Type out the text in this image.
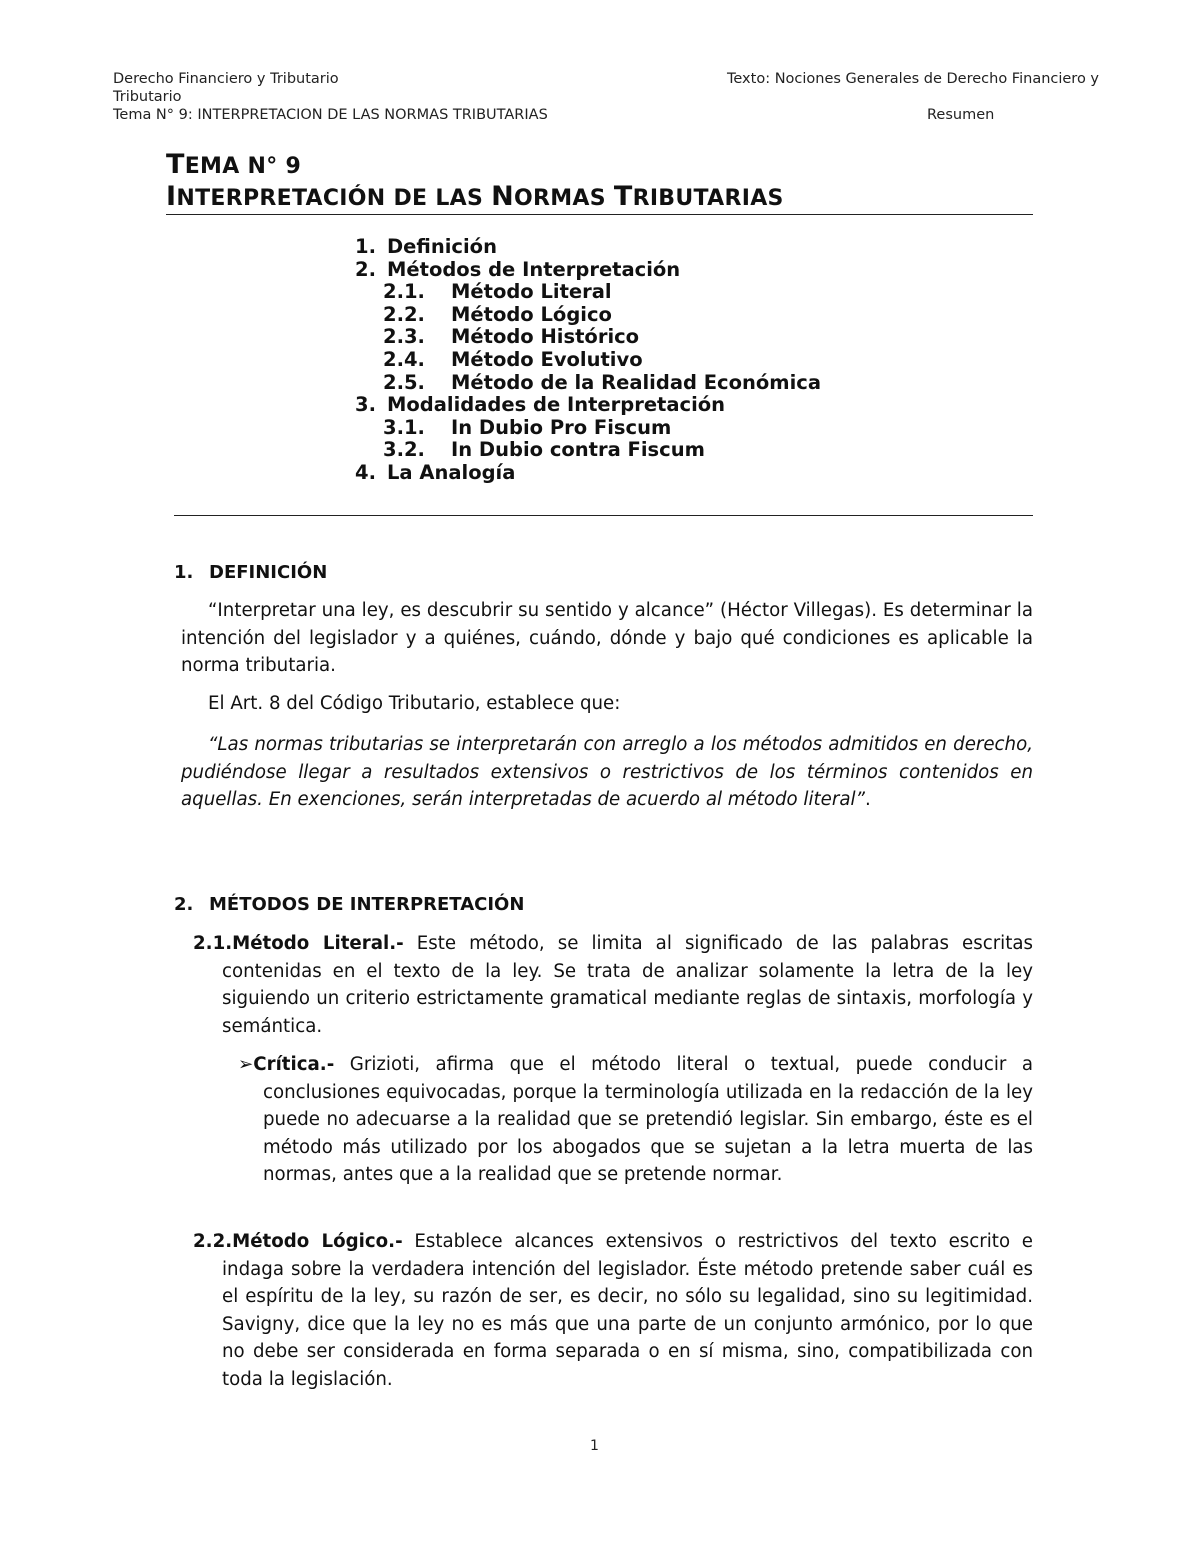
Derecho Financiero y Tributario	Texto: Nociones Generales de Derecho Financiero y
Tributario
Tema N° 9: INTERPRETACION DE LAS NORMAS TRIBUTARIAS	Resumen
TEMA N° 9
INTERPRETACIÓN DE LAS NORMAS TRIBUTARIAS
1. Definición
2. Métodos de Interpretación
2.1. Método Literal
2.2. Método Lógico
2.3. Método Histórico
2.4. Método Evolutivo
2.5. Método de la Realidad Económica
3. Modalidades de Interpretación
3.1. In Dubio Pro Fiscum
3.2. In Dubio contra Fiscum
4. La Analogía
1. DEFINICIÓN

“Interpretar una ley, es descubrir su sentido y alcance” (Héctor Villegas). Es determinar la intención del legislador y a quiénes, cuándo, dónde y bajo qué condiciones es aplicable la norma tributaria.

El Art. 8 del Código Tributario, establece que:

“Las normas tributarias se interpretarán con arreglo a los métodos admitidos en derecho, pudiéndose llegar a resultados extensivos o restrictivos de los términos contenidos en aquellas. En exenciones, serán interpretadas de acuerdo al método literal”.

2. MÉTODOS DE INTERPRETACIÓN

2.1.Método Literal.- Este método, se limita al significado de las palabras escritas contenidas en el texto de la ley. Se trata de analizar solamente la letra de la ley siguiendo un criterio estrictamente gramatical mediante reglas de sintaxis, morfología y semántica.

➢Crítica.- Grizioti, afirma que el método literal o textual, puede conducir a conclusiones equivocadas, porque la terminología utilizada en la redacción de la ley puede no adecuarse a la realidad que se pretendió legislar. Sin embargo, éste es el método más utilizado por los abogados que se sujetan a la letra muerta de las normas, antes que a la realidad que se pretende normar.

2.2.Método Lógico.- Establece alcances extensivos o restrictivos del texto escrito e indaga sobre la verdadera intención del legislador. Éste método pretende saber cuál es el espíritu de la ley, su razón de ser, es decir, no sólo su legalidad, sino su legitimidad. Savigny, dice que la ley no es más que una parte de un conjunto armónico, por lo que no debe ser considerada en forma separada o en sí misma, sino, compatibilizada con toda la legislación.

1
